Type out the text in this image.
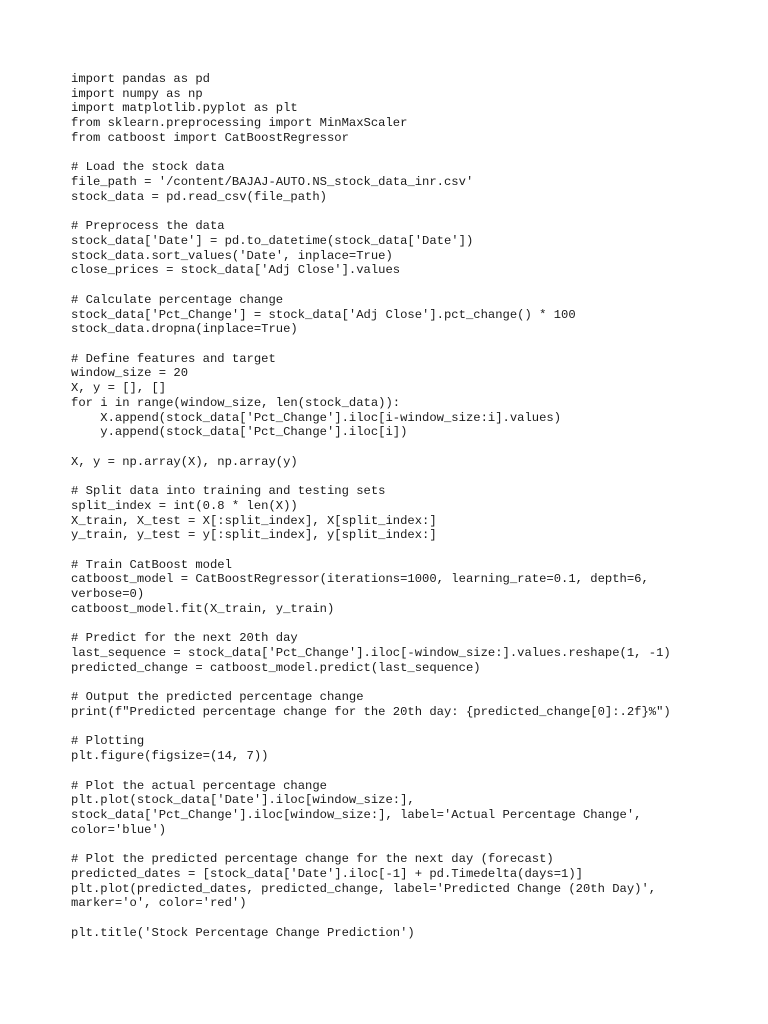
import pandas as pd
import numpy as np
import matplotlib.pyplot as plt
from sklearn.preprocessing import MinMaxScaler
from catboost import CatBoostRegressor
# Load the stock data
file_path = '/content/BAJAJ-AUTO.NS_stock_data_inr.csv'
stock_data = pd.read_csv(file_path)
# Preprocess the data
stock_data['Date'] = pd.to_datetime(stock_data['Date'])
stock_data.sort_values('Date', inplace=True)
close_prices = stock_data['Adj Close'].values
# Calculate percentage change
stock_data['Pct_Change'] = stock_data['Adj Close'].pct_change() * 100
stock_data.dropna(inplace=True)
# Define features and target
window_size = 20
X, y = [], []
for i in range(window_size, len(stock_data)):
X.append(stock_data['Pct_Change'].iloc[i-window_size:i].values)
y.append(stock_data['Pct_Change'].iloc[i])
X, y = np.array(X), np.array(y)
# Split data into training and testing sets
split_index = int(0.8 * len(X))
X_train, X_test = X[:split_index], X[split_index:]
y_train, y_test = y[:split_index], y[split_index:]
# Train CatBoost model
catboost_model = CatBoostRegressor(iterations=1000, learning_rate=0.1, depth=6,
verbose=0)
catboost_model.fit(X_train, y_train)
# Predict for the next 20th day
last_sequence = stock_data['Pct_Change'].iloc[-window_size:].values.reshape(1, -1)
predicted_change = catboost_model.predict(last_sequence)
# Output the predicted percentage change
print(f"Predicted percentage change for the 20th day: {predicted_change[0]:.2f}%")
# Plotting
plt.figure(figsize=(14, 7))
# Plot the actual percentage change
plt.plot(stock_data['Date'].iloc[window_size:],
stock_data['Pct_Change'].iloc[window_size:], label='Actual Percentage Change',
color='blue')
# Plot the predicted percentage change for the next day (forecast)
predicted_dates = [stock_data['Date'].iloc[-1] + pd.Timedelta(days=1)]
plt.plot(predicted_dates, predicted_change, label='Predicted Change (20th Day)',
marker='o', color='red')
plt.title('Stock Percentage Change Prediction')
